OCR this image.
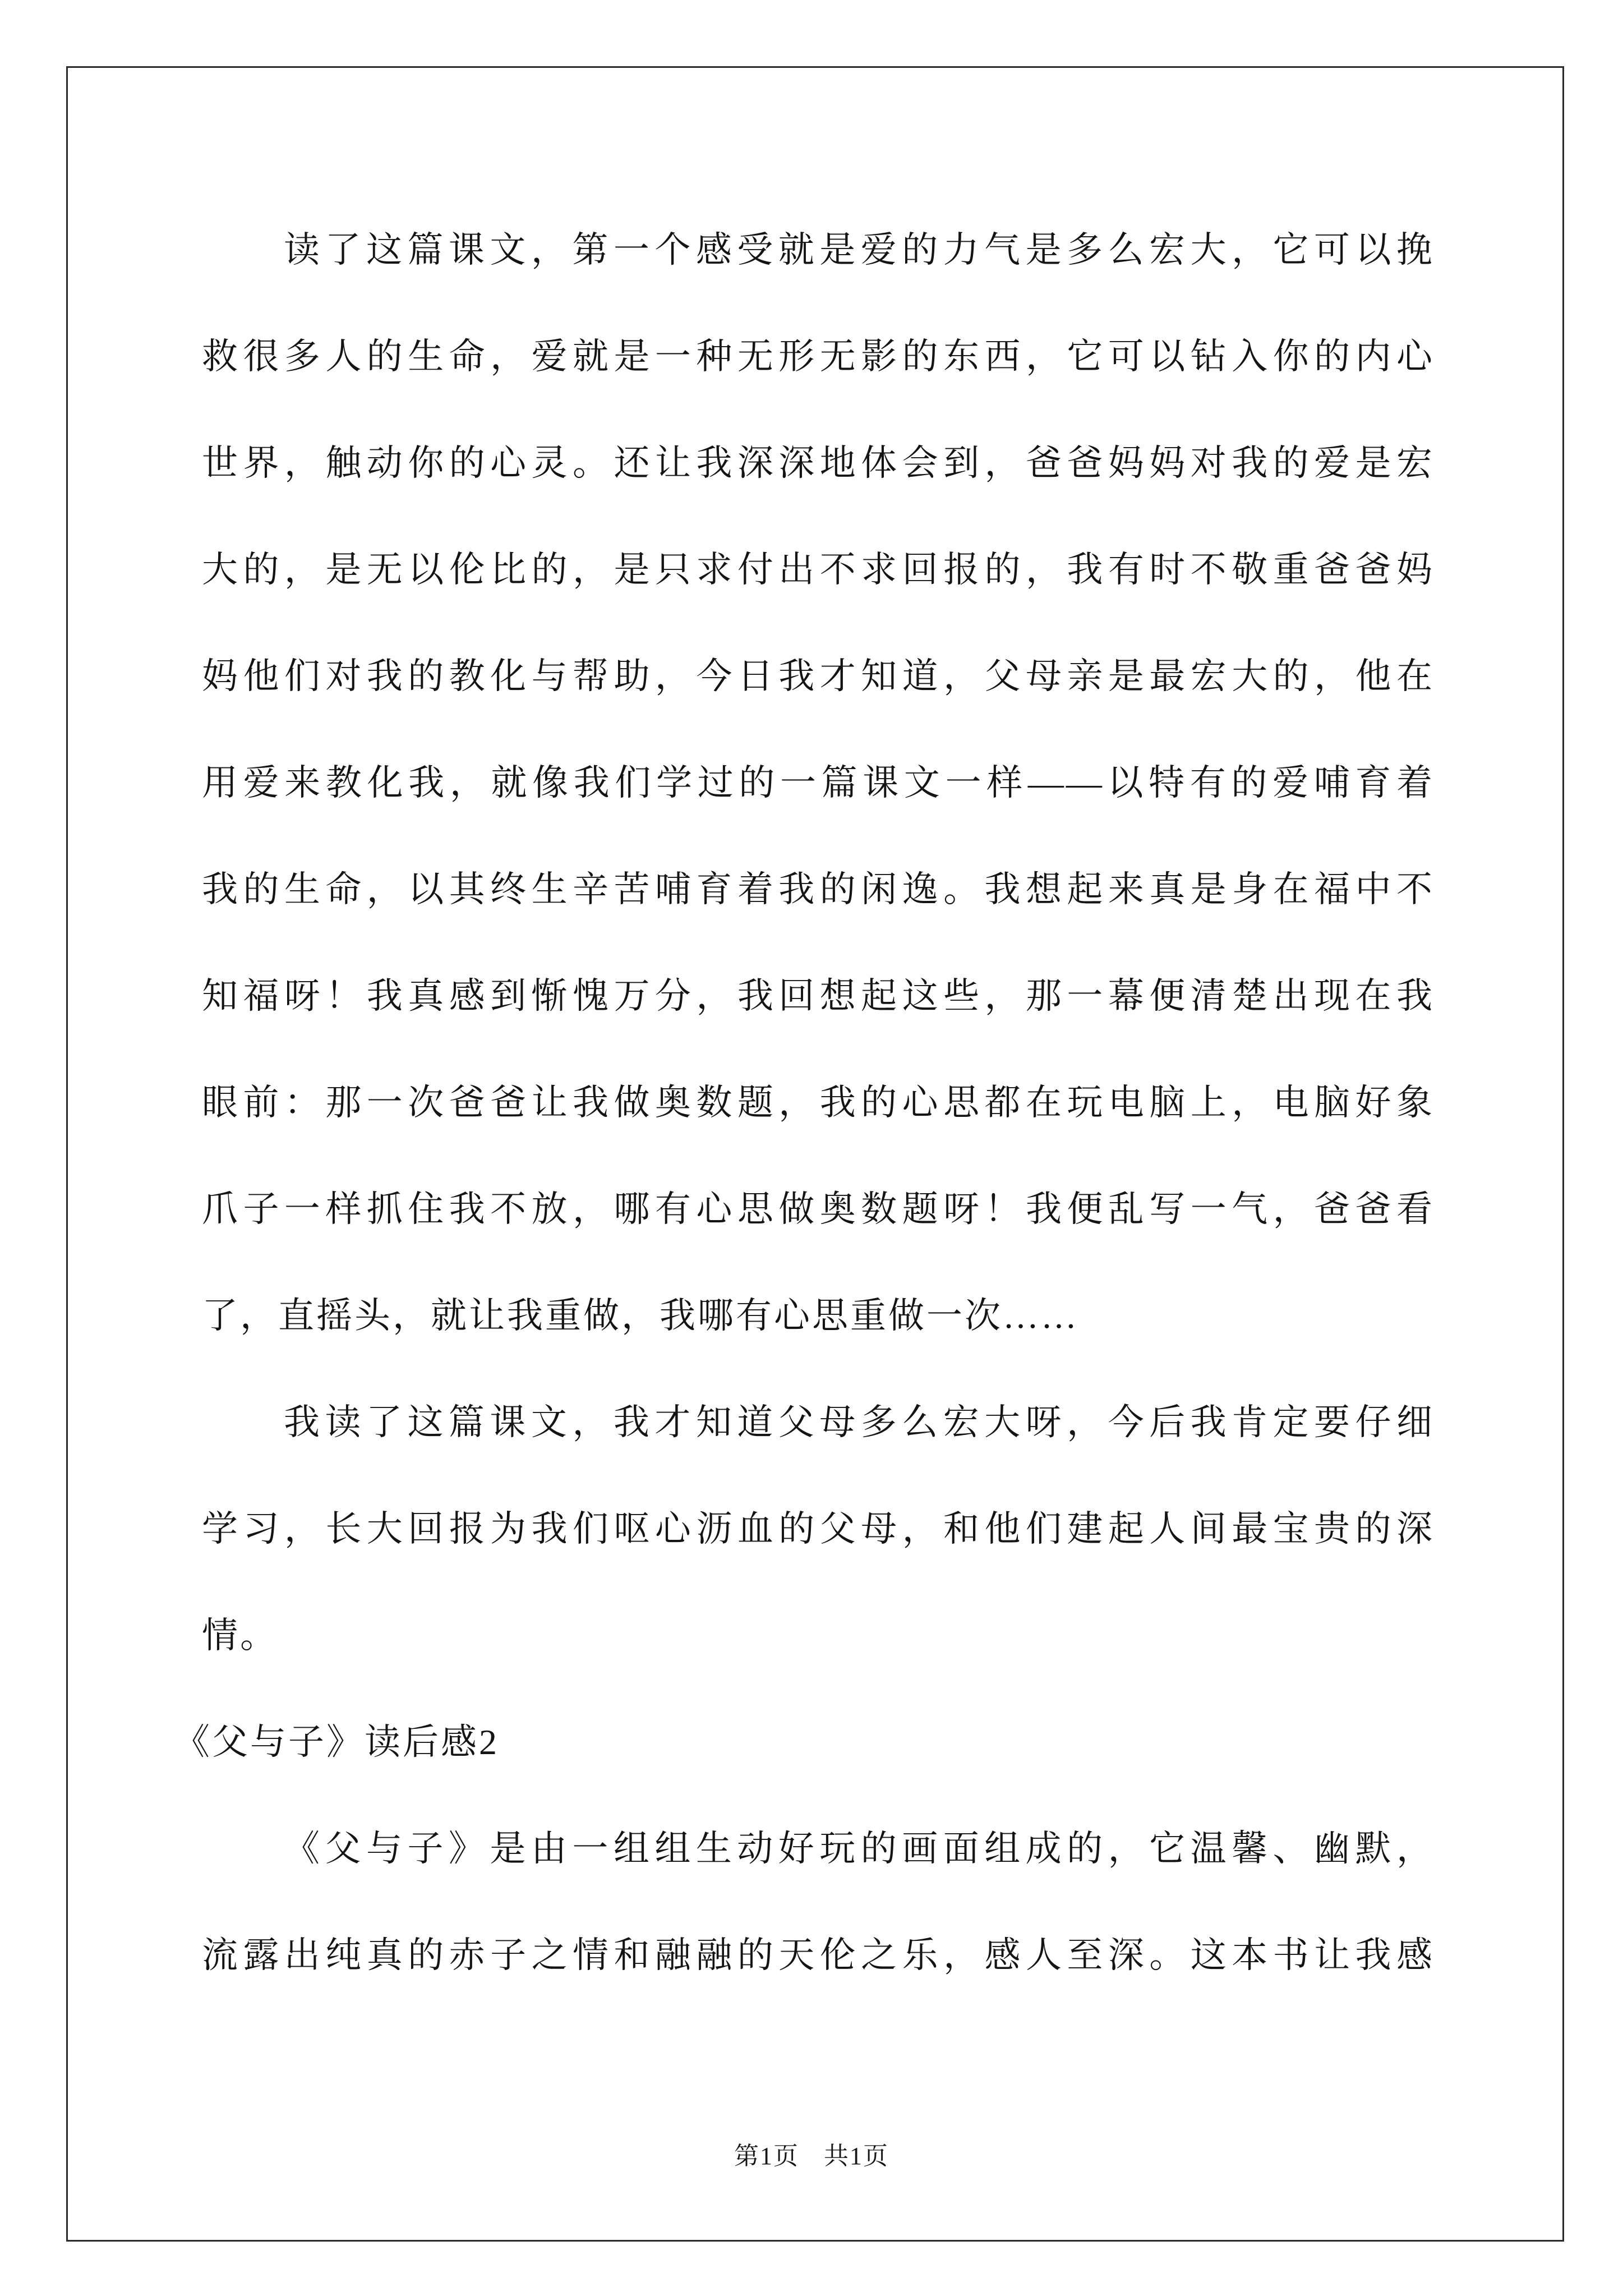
读了这篇课文，第一个感受就是爱的力气是多么宏大，它可以挽
救很多人的生命，爱就是一种无形无影的东西，它可以钻入你的内心
世界，触动你的心灵。还让我深深地体会到，爸爸妈妈对我的爱是宏
大的，是无以伦比的，是只求付出不求回报的，我有时不敬重爸爸妈
妈他们对我的教化与帮助，今日我才知道，父母亲是最宏大的，他在
用爱来教化我，就像我们学过的一篇课文一样——以特有的爱哺育着
我的生命，以其终生辛苦哺育着我的闲逸。我想起来真是身在福中不
知福呀！我真感到惭愧万分，我回想起这些，那一幕便清楚出现在我
眼前：那一次爸爸让我做奥数题，我的心思都在玩电脑上，电脑好象
爪子一样抓住我不放，哪有心思做奥数题呀！我便乱写一气，爸爸看
了，直摇头，就让我重做，我哪有心思重做一次……
我读了这篇课文，我才知道父母多么宏大呀，今后我肯定要仔细
学习，长大回报为我们呕心沥血的父母，和他们建起人间最宝贵的深
情。
《父与子》读后感2
《父与子》是由一组组生动好玩的画面组成的，它温馨、幽默，
流露出纯真的赤子之情和融融的天伦之乐，感人至深。这本书让我感
第1页 共1页
